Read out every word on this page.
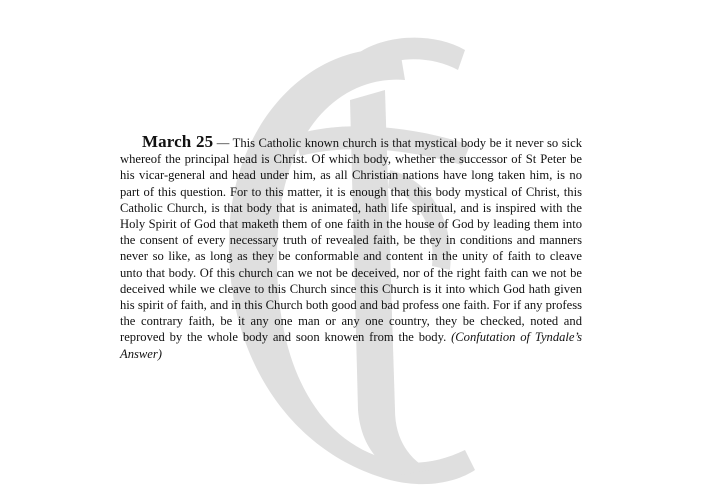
March 25 — This Catholic known church is that mystical body be it never so sick whereof the principal head is Christ. Of which body, whether the successor of St Peter be his vicar-general and head under him, as all Christian nations have long taken him, is no part of this question. For to this matter, it is enough that this body mystical of Christ, this Catholic Church, is that body that is animated, hath life spiritual, and is inspired with the Holy Spirit of God that maketh them of one faith in the house of God by leading them into the consent of every necessary truth of revealed faith, be they in conditions and manners never so like, as long as they be conformable and content in the unity of faith to cleave unto that body. Of this church can we not be deceived, nor of the right faith can we not be deceived while we cleave to this Church since this Church is it into which God hath given his spirit of faith, and in this Church both good and bad profess one faith. For if any profess the contrary faith, be it any one man or any one country, they be checked, noted and reproved by the whole body and soon knowen from the body. (Confutation of Tyndale’s Answer)
